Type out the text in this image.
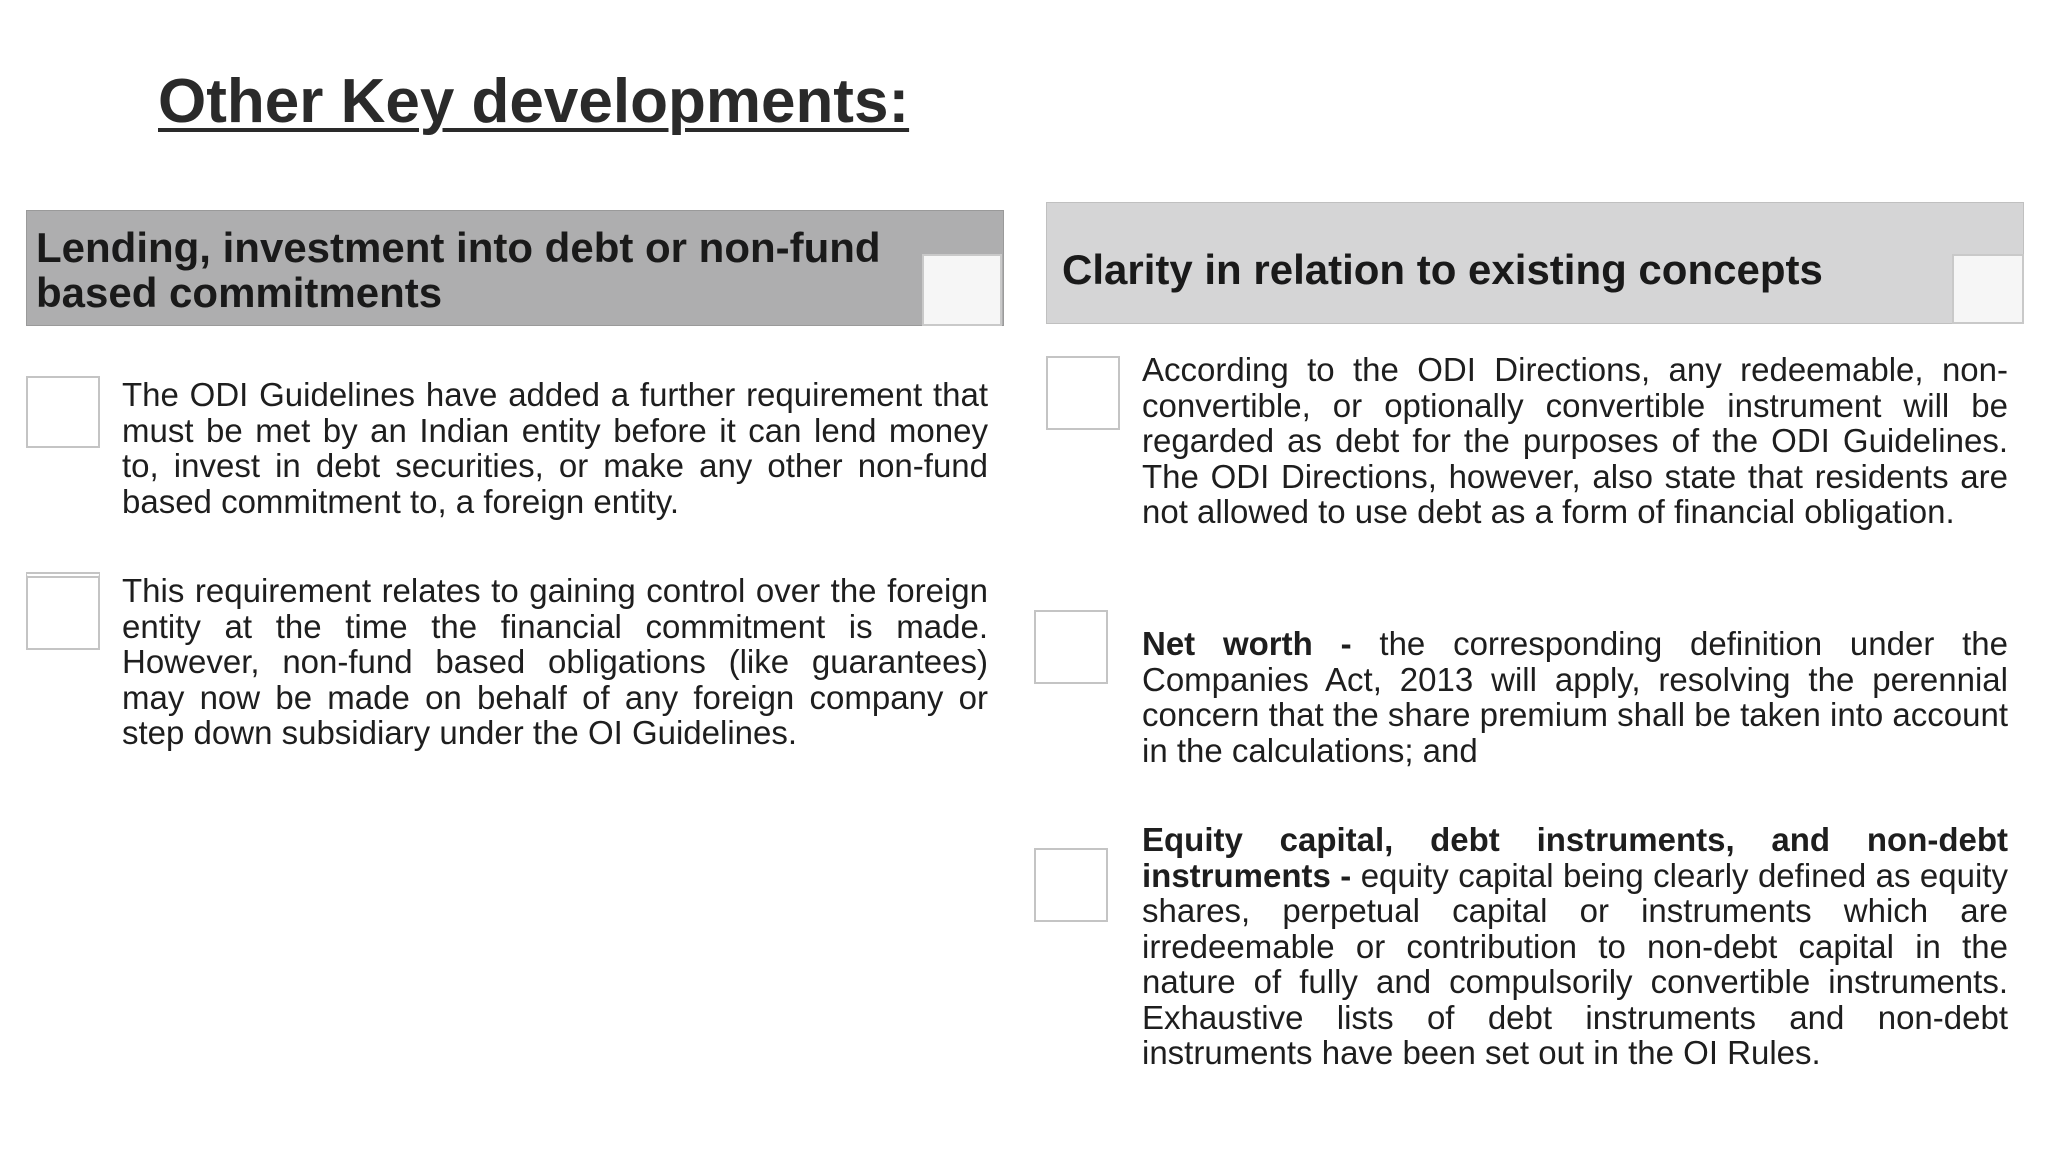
Other Key developments:
Lending, investment into debt or non-fund based commitments

The ODI Guidelines have added a further requirement that must be met by an Indian entity before it can lend money to, invest in debt securities, or make any other non-fund based commitment to, a foreign entity.

This requirement relates to gaining control over the foreign entity at the time the financial commitment is made. However, non-fund based obligations (like guarantees) may now be made on behalf of any foreign company or step down subsidiary under the OI Guidelines.

Clarity in relation to existing concepts

According to the ODI Directions, any redeemable, non-convertible, or optionally convertible instrument will be regarded as debt for the purposes of the ODI Guidelines. The ODI Directions, however, also state that residents are not allowed to use debt as a form of financial obligation.

Net worth - the corresponding definition under the Companies Act, 2013 will apply, resolving the perennial concern that the share premium shall be taken into account in the calculations; and

Equity capital, debt instruments, and non-debt instruments - equity capital being clearly defined as equity shares, perpetual capital or instruments which are irredeemable or contribution to non-debt capital in the nature of fully and compulsorily convertible instruments. Exhaustive lists of debt instruments and non-debt instruments have been set out in the OI Rules.
